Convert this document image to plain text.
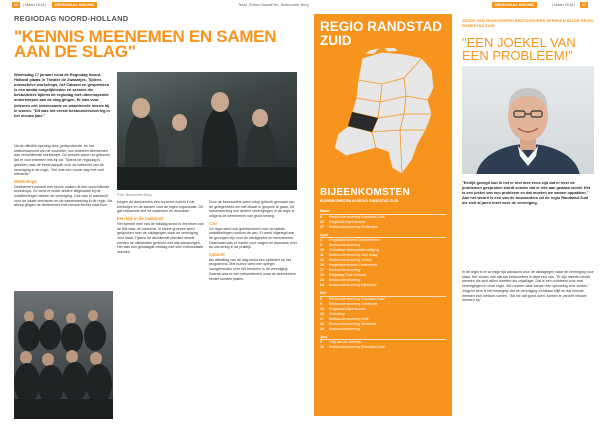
06	| Maart 2018 |	REGIONAAL NIEUWS	Tekst Ruben Nauta Foto Bestuurder Breg	REGIONAAL NIEUWS	| Maart 2018 |	07
REGIODAG NOORD-HOLLAND
"KENNIS MEENEMEN EN SAMEN AAN DE SLAG"
Woensdag 17 januari vond de Regiodag Noord-Holland plaats in Theater de Zwaantjes. Tijdens interactieve workshops, het Cabaret en gesprekken is een aantal mogelijkheden en sessies die bestuurders tijdens de regiodag met uiteenlopende onderwerpen aan de slag gingen. Er was voor iedereen een interessante en waardevolle sessie bij te wonen. "Dit was het eerste bestuurdersoverleg in het nieuwe jaar."
Foto: Bestuurder Breg
Na de officiële opening door gedeputeerde, en het welkomstwoord van de voorzitter, kon iedereen deelnemen aan verschillende workshops. De sessies waren zo gekozen dat er voor iedereen iets bij zat. Tijdens de regiodag is gekeken naar de beste aanpak voor de toekomst van de vereniging in de regio. "Het was een mooie dag met veel interactie."
Workshops
Deelnemers konden een keuze maken uit drie verschillende workshops. Zo werd er onder andere stilgestaan bij de ontwikkelingen binnen de vereniging. Ook was er aandacht voor de lokale omroepen en de samenwerking in de regio. Na afloop gingen de deelnemers met nieuwe kennis naar huis.
kregen de deelnemers een concreet inzicht in de werkwijze en de kansen voor de eigen organisatie. Dit gaf voldoende stof tot nadenken en discussie.
Een kijk in de toekomst
Het tweede deel van de middag stond in het teken van de blik naar de toekomst. In kleine groepen werd gesproken over de uitdagingen waar de vereniging voor staat. Tijdens de afsluitende plenaire sessie werden de uitkomsten gedeeld met alle aanwezigen. Het was een geslaagde middag met veel enthousiaste reacties.
Door de bestuurders werd volop gebruik gemaakt van de gelegenheid om met elkaar in gesprek te gaan. De samenwerking met andere verenigingen in de regio is volgens de deelnemers van groot belang.
Cao
De regio werd ook geïnformeerd over de laatste ontwikkelingen rondom de cao. Er werd uitgelegd wat de gevolgen zijn voor de werkgevers en werknemers. Daarnaast was er ruimte voor vragen en discussie over de uitvoering in de praktijk.
Cabaret
Als afsluiting van de dag stond een optreden op het programma. Met humor werd een spiegel voorgehouden over het besturen in de vereniging. Daarna was er een netwerkborrel waar de deelnemers verder konden praten.
REGIO RANDSTAD ZUID
BIJEENKOMSTEN
BIJEENKOMSTEN IN REGIO RANDSTAD ZUID
Maart
8	Bestuurdersoverleg Randstad Zuid
22	Regionale bijeenkomst
27	Bestuurdersoverleg Rotterdam
April
4	Regiobijeenkomst Drechtsteden
5	Bestuurdersoverleg
10	Workshop Informatiebeveiliging
11	Bestuurdersoverleg Den Haag
12	Bestuurdersoverleg Leiden
16	Regiobijeenkomst Zoetermeer
17	Bestuurdersoverleg
19	Regiodag Zuid-Holland
23	Bestuurdersoverleg
24	Bestuurdersoverleg Rijnmond
Mei
8	Bestuurdersoverleg Randstad Zuid
9	Bestuurdersoverleg Dordrecht
15	Regionale bijeenkomst
16	Workshop
17	Bestuurdersoverleg Delft
22	Bestuurdersoverleg Westland
24	Bestuurdersoverleg
Juni
5	Dag van de Omroep
12	Bestuurdersoverleg Randstad Zuid
ZESDE VAN ZESHONDERD BESTUURDERS SPREKEN BIJ DE REGIO RANDSTAD ZUID
"EEN JOEKEL VAN EEN PROBLEEM!"
"Eerlijk gezegd kan ik het er niet mee eens zijn dat er over de problemen gesproken wordt zonder dat er iets aan gedaan wordt. Het is een joekel van een probleem en dat moeten we samen oppakken." Aan het woord is een van de bestuurders uit de regio Randstad Zuid die zich al jaren inzet voor de vereniging.
In de regio is er al enige tijd aandacht voor de uitdagingen waar de vereniging voor staat. Het vinden van nieuwe bestuurders is daar een van. "Er zijn steeds minder mensen die zich willen inzetten als vrijwilliger. Dat is een probleem voor veel verenigingen in onze regio. We moeten daar samen een oplossing voor vinden." Volgens hem is het belangrijk dat de vereniging zichtbaar blijft en dat nieuwe mensen zich welkom voelen. "Als we dat goed doen, komen er vanzelf nieuwe mensen bij."
